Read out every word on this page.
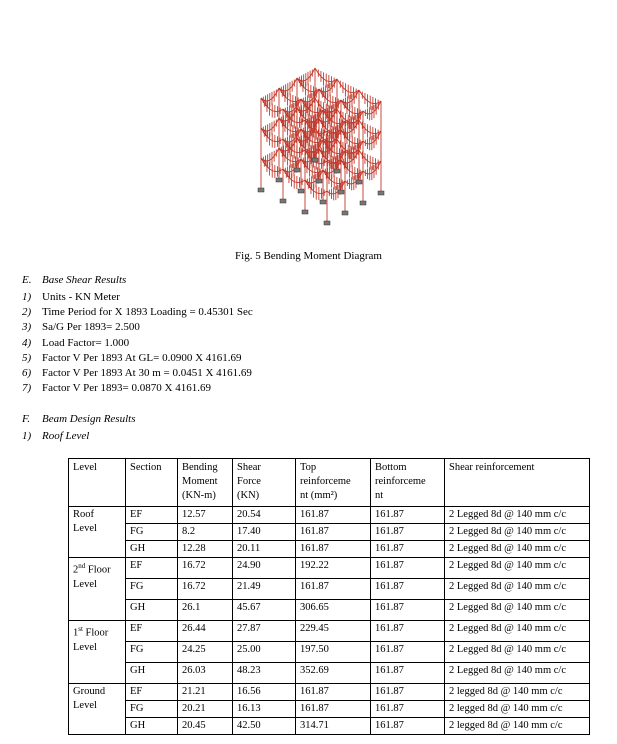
Fig. 5 Bending Moment Diagram
E. Base Shear Results
1) Units - KN Meter
2) Time Period for X 1893 Loading = 0.45301 Sec
3) Sa/G Per 1893= 2.500
4) Load Factor= 1.000
5) Factor V Per 1893 At GL= 0.0900 X 4161.69
6) Factor V Per 1893 At 30 m = 0.0451 X 4161.69
7) Factor V Per 1893= 0.0870 X 4161.69
F. Beam Design Results
1) Roof Level
Level	Section	Bending
Moment
(KN-m)	Shear
Force
(KN)	Top
reinforceme
nt (mm²)	Bottom
reinforceme
nt	Shear reinforcement
Roof
Level	EF	12.57	20.54	161.87	161.87	2 Legged 8d @ 140 mm c/c
	FG	8.2	17.40	161.87	161.87	2 Legged 8d @ 140 mm c/c
	GH	12.28	20.11	161.87	161.87	2 Legged 8d @ 140 mm c/c
2nd Floor
Level	EF	16.72	24.90	192.22	161.87	2 Legged 8d @ 140 mm c/c
	FG	16.72	21.49	161.87	161.87	2 Legged 8d @ 140 mm c/c
	GH	26.1	45.67	306.65	161.87	2 Legged 8d @ 140 mm c/c
1st Floor
Level	EF	26.44	27.87	229.45	161.87	2 Legged 8d @ 140 mm c/c
	FG	24.25	25.00	197.50	161.87	2 Legged 8d @ 140 mm c/c
	GH	26.03	48.23	352.69	161.87	2 Legged 8d @ 140 mm c/c
Ground
Level	EF	21.21	16.56	161.87	161.87	2 legged 8d @ 140 mm c/c
	FG	20.21	16.13	161.87	161.87	2 legged 8d @ 140 mm c/c
	GH	20.45	42.50	314.71	161.87	2 legged 8d @ 140 mm c/c
